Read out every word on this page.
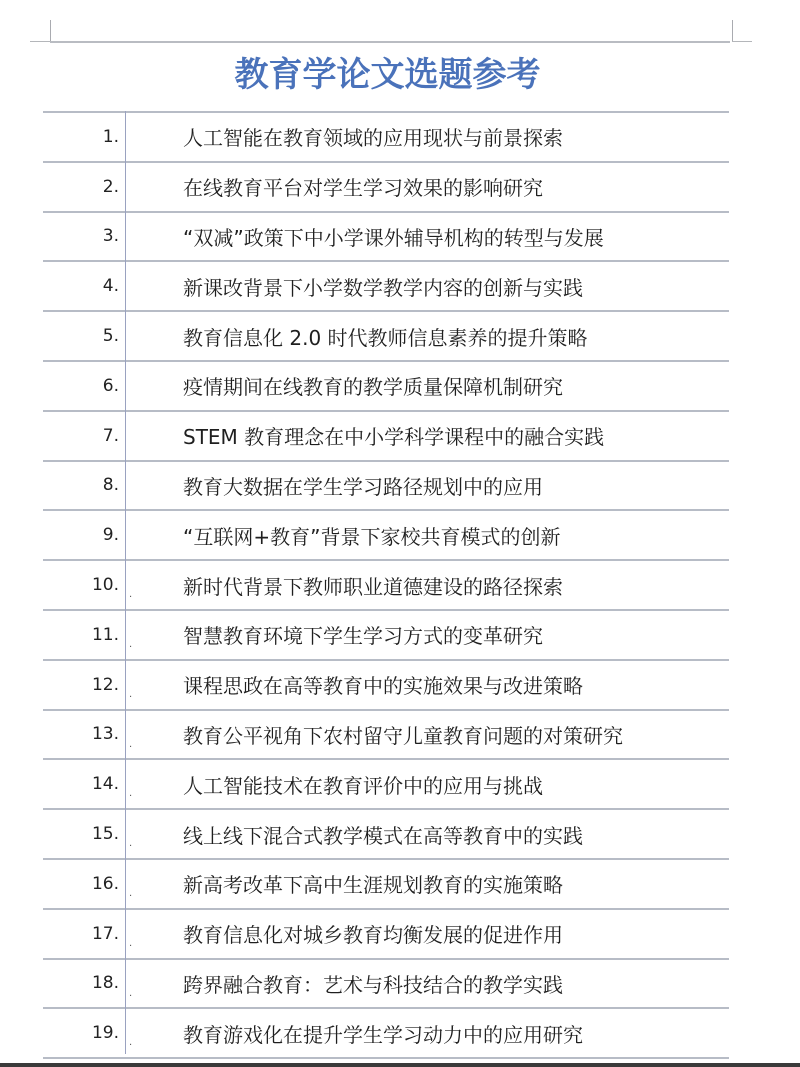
教育学论文选题参考
1.	人工智能在教育领域的应用现状与前景探索
2.	在线教育平台对学生学习效果的影响研究
3.	“双减”政策下中小学课外辅导机构的转型与发展
4.	新课改背景下小学数学教学内容的创新与实践
5.	教育信息化 2.0 时代教师信息素养的提升策略
6.	疫情期间在线教育的教学质量保障机制研究
7.	STEM 教育理念在中小学科学课程中的融合实践
8.	教育大数据在学生学习路径规划中的应用
9.	“互联网+教育”背景下家校共育模式的创新
10.	.	新时代背景下教师职业道德建设的路径探索
11.	.	智慧教育环境下学生学习方式的变革研究
12.	.	课程思政在高等教育中的实施效果与改进策略
13.	.	教育公平视角下农村留守儿童教育问题的对策研究
14.	.	人工智能技术在教育评价中的应用与挑战
15.	.	线上线下混合式教学模式在高等教育中的实践
16.	.	新高考改革下高中生涯规划教育的实施策略
17.	.	教育信息化对城乡教育均衡发展的促进作用
18.	.	跨界融合教育：艺术与科技结合的教学实践
19.	.	教育游戏化在提升学生学习动力中的应用研究
